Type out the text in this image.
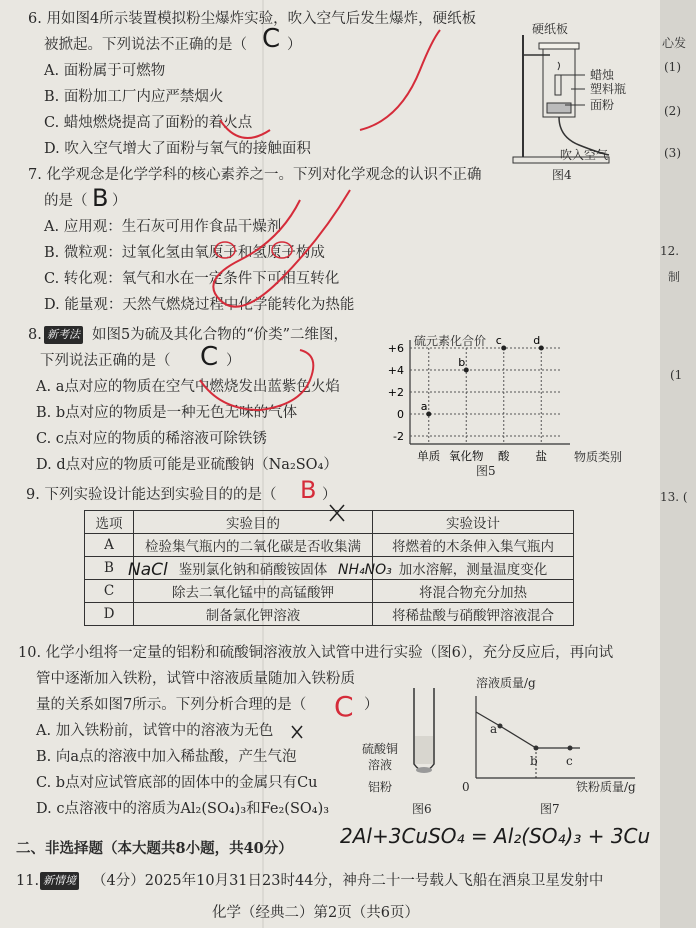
6. 用如图4所示装置模拟粉尘爆炸实验，吹入空气后发生爆炸，硬纸板
被掀起。下列说法不正确的是（ C ）
A. 面粉属于可燃物
B. 面粉加工厂内应严禁烟火
C. 蜡烛燃烧提高了面粉的着火点
D. 吹入空气增大了面粉与氧气的接触面积
硬纸板
蜡烛
塑料瓶
面粉
吹入空气
图4
7. 化学观念是化学学科的核心素养之一。下列对化学观念的认识不正确
的是（ B ）
A. 应用观：生石灰可用作食品干燥剂
B. 微粒观：过氧化氢由氧原子和氢原子构成
C. 转化观：氧气和水在一定条件下可相互转化
D. 能量观：天然气燃烧过程中化学能转化为热能
8. 新考法 如图5为硫及其化合物的“价类”二维图，
下列说法正确的是（ C ）
A. a点对应的物质在空气中燃烧发出蓝紫色火焰
B. b点对应的物质是一种无色无味的气体
C. c点对应的物质的稀溶液可除铁锈
D. d点对应的物质可能是亚硫酸钠（Na₂SO₄）
+6
+4
+2
0
-2
单质 氧化物 酸 盐
a
b
c	d
硫元素化合价
物质类别
图5
9. 下列实验设计能达到实验目的的是（ B ）
选项	实验目的	实验设计
A	检验集气瓶内的二氧化碳是否收集满	将燃着的木条伸入集气瓶内
B	鉴别氯化钠和硝酸铵固体	加水溶解，测量温度变化
C	除去二氧化锰中的高锰酸钾	将混合物充分加热
D	制备氯化钾溶液	将稀盐酸与硝酸钾溶液混合
NaCl	NH₄NO₃
10. 化学小组将一定量的铝粉和硫酸铜溶液放入试管中进行实验（图6），充分反应后，再向试
管中逐渐加入铁粉，试管中溶液质量随加入铁粉质
量的关系如图7所示。下列分析合理的是（ C ）
A. 加入铁粉前，试管中的溶液为无色
B. 向a点的溶液中加入稀盐酸，产生气泡
C. b点对应试管底部的固体中的金属只有Cu
D. c点溶液中的溶质为Al₂(SO₄)₃和Fe₂(SO₄)₃
硫酸铜
溶液
铝粉
图6
溶液质量/g
0	铁粉质量/g
a
b c
图7
二、非选择题（本大题共8小题，共40分）
2Al+3CuSO₄ = Al₂(SO₄)₃ + 3Cu
11. 新情境 （4分）2025年10月31日23时44分，神舟二十一号载人飞船在酒泉卫星发射中
化学（经典二）第2页（共6页）
心发
(1)
(2)
(3)
12.
制
(1
13. (
